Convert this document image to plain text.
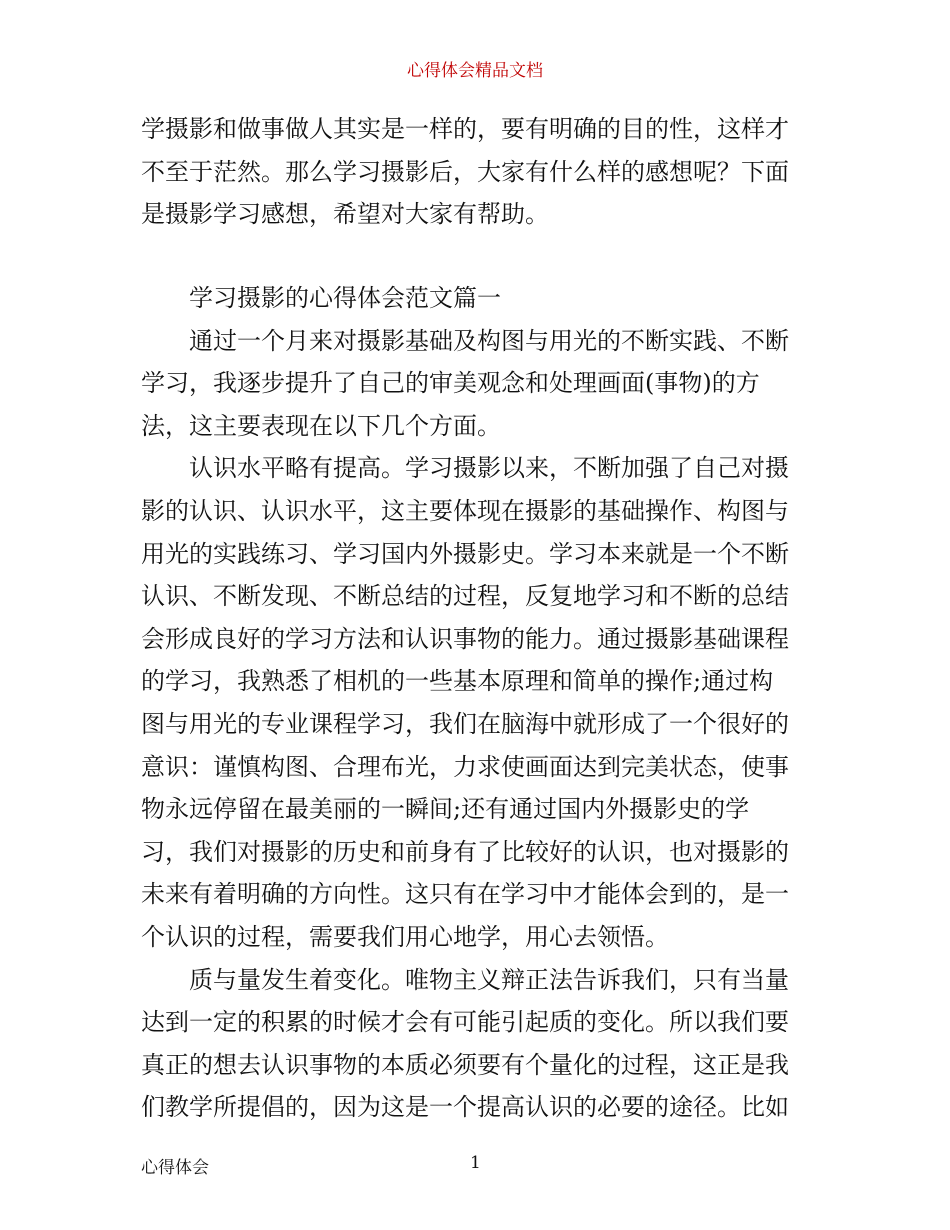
心得体会精品文档
学摄影和做事做人其实是一样的，要有明确的目的性，这样才
不至于茫然。那么学习摄影后，大家有什么样的感想呢？下面
是摄影学习感想，希望对大家有帮助。
学习摄影的心得体会范文篇一
通过一个月来对摄影基础及构图与用光的不断实践、不断
学习，我逐步提升了自己的审美观念和处理画面(事物)的方
法，这主要表现在以下几个方面。
认识水平略有提高。学习摄影以来，不断加强了自己对摄
影的认识、认识水平，这主要体现在摄影的基础操作、构图与
用光的实践练习、学习国内外摄影史。学习本来就是一个不断
认识、不断发现、不断总结的过程，反复地学习和不断的总结
会形成良好的学习方法和认识事物的能力。通过摄影基础课程
的学习，我熟悉了相机的一些基本原理和简单的操作;通过构
图与用光的专业课程学习，我们在脑海中就形成了一个很好的
意识：谨慎构图、合理布光，力求使画面达到完美状态，使事
物永远停留在最美丽的一瞬间;还有通过国内外摄影史的学
习，我们对摄影的历史和前身有了比较好的认识，也对摄影的
未来有着明确的方向性。这只有在学习中才能体会到的，是一
个认识的过程，需要我们用心地学，用心去领悟。
质与量发生着变化。唯物主义辩正法告诉我们，只有当量
达到一定的积累的时候才会有可能引起质的变化。所以我们要
真正的想去认识事物的本质必须要有个量化的过程，这正是我
们教学所提倡的，因为这是一个提高认识的必要的途径。比如
心得体会	1
